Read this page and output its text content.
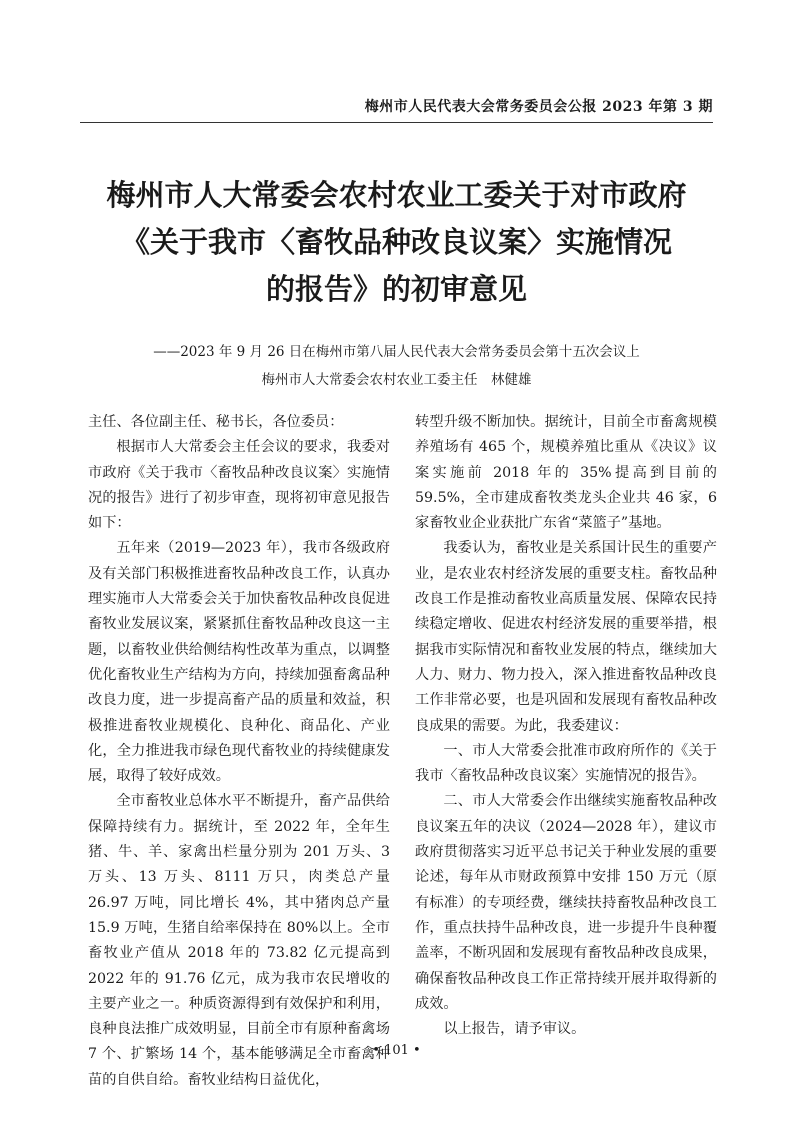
梅州市人民代表大会常务委员会公报 2023 年第 3 期
梅州市人大常委会农村农业工委关于对市政府
《关于我市〈畜牧品种改良议案〉实施情况
的报告》的初审意见
——2023 年 9 月 26 日在梅州市第八届人民代表大会常务委员会第十五次会议上
梅州市人大常委会农村农业工委主任　林健雄

主任、各位副主任、秘书长，各位委员：

根据市人大常委会主任会议的要求，我委对市政府《关于我市〈畜牧品种改良议案〉实施情况的报告》进行了初步审查，现将初审意见报告如下：

五年来（2019—2023 年），我市各级政府及有关部门积极推进畜牧品种改良工作，认真办理实施市人大常委会关于加快畜牧品种改良促进畜牧业发展议案，紧紧抓住畜牧品种改良这一主题，以畜牧业供给侧结构性改革为重点，以调整优化畜牧业生产结构为方向，持续加强畜禽品种改良力度，进一步提高畜产品的质量和效益，积极推进畜牧业规模化、良种化、商品化、产业化，全力推进我市绿色现代畜牧业的持续健康发展，取得了较好成效。

全市畜牧业总体水平不断提升，畜产品供给保障持续有力。据统计，至 2022 年，全年生猪、牛、羊、家禽出栏量分别为 201 万头、3 万头、13 万头、8111 万只，肉类总产量 26.97 万吨，同比增长 4%，其中猪肉总产量 15.9 万吨，生猪自给率保持在 80%以上。全市畜牧业产值从 2018 年的 73.82 亿元提高到 2022 年的 91.76 亿元，成为我市农民增收的主要产业之一。种质资源得到有效保护和利用，良种良法推广成效明显，目前全市有原种畜禽场 7 个、扩繁场 14 个，基本能够满足全市畜禽种苗的自供自给。畜牧业结构日益优化，

转型升级不断加快。据统计，目前全市畜禽规模养殖场有 465 个，规模养殖比重从《决议》议案实施前 2018 年的 35%提高到目前的 59.5%，全市建成畜牧类龙头企业共 46 家，6 家畜牧业企业获批广东省“菜篮子”基地。

我委认为，畜牧业是关系国计民生的重要产业，是农业农村经济发展的重要支柱。畜牧品种改良工作是推动畜牧业高质量发展、保障农民持续稳定增收、促进农村经济发展的重要举措，根据我市实际情况和畜牧业发展的特点，继续加大人力、财力、物力投入，深入推进畜牧品种改良工作非常必要，也是巩固和发展现有畜牧品种改良成果的需要。为此，我委建议：

一、市人大常委会批准市政府所作的《关于我市〈畜牧品种改良议案〉实施情况的报告》。

二、市人大常委会作出继续实施畜牧品种改良议案五年的决议（2024—2028 年），建议市政府贯彻落实习近平总书记关于种业发展的重要论述，每年从市财政预算中安排 150 万元（原有标准）的专项经费，继续扶持畜牧品种改良工作，重点扶持牛品种改良，进一步提升牛良种覆盖率，不断巩固和发展现有畜牧品种改良成果，确保畜牧品种改良工作正常持续开展并取得新的成效。

以上报告，请予审议。

• 101 •
